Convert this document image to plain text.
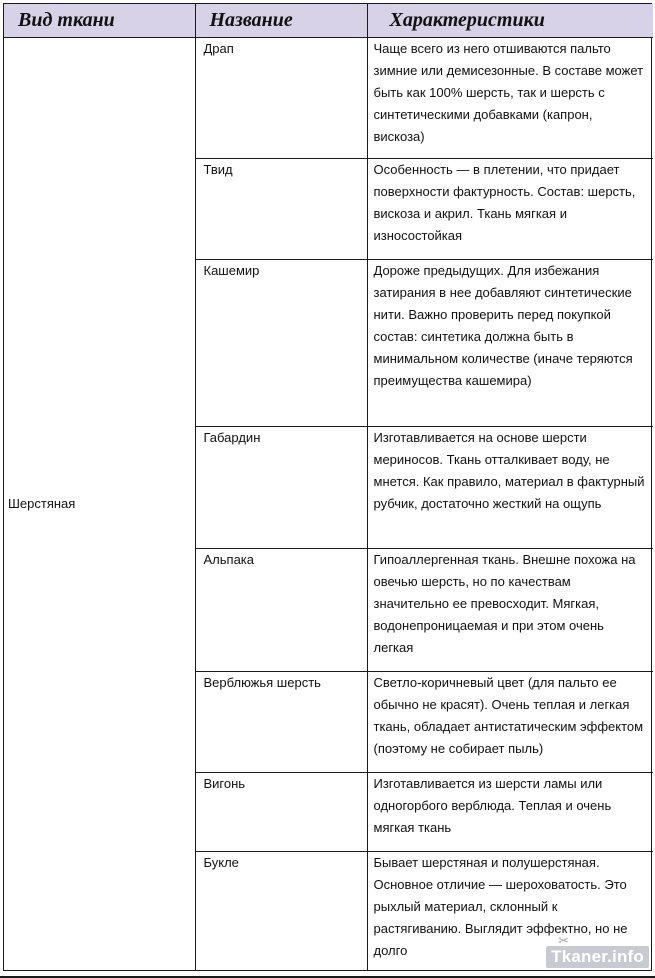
Вид ткани	Название	Характеристики
Шерстяная	Драп	Чаще всего из него отшиваются пальто зимние или демисезонные. В составе может быть как 100% шерсть, так и шерсть с синтетическими добавками (капрон, вискоза)
	Твид	Особенность — в плетении, что придает поверхности фактурность. Состав: шерсть, вискоза и акрил. Ткань мягкая и износостойкая
	Кашемир	Дороже предыдущих. Для избежания затирания в нее добавляют синтетические нити. Важно проверить перед покупкой состав: синтетика должна быть в минимальном количестве (иначе теряются преимущества кашемира)
	Габардин	Изготавливается на основе шерсти мериносов. Ткань отталкивает воду, не мнется. Как правило, материал в фактурный рубчик, достаточно жесткий на ощупь
	Альпака	Гипоаллергенная ткань. Внешне похожа на овечью шерсть, но по качествам значительно ее превосходит. Мягкая, водонепроницаемая и при этом очень легкая
	Верблюжья шерсть	Светло-коричневый цвет (для пальто ее обычно не красят). Очень теплая и легкая ткань, обладает антистатическим эффектом (поэтому не собирает пыль)
	Вигонь	Изготавливается из шерсти ламы или одногорбого верблюда. Теплая и очень мягкая ткань
	Букле	Бывает шерстяная и полушерстяная. Основное отличие — шероховатость. Это рыхлый материал, склонный к растягиванию. Выглядит эффектно, но не долго
✂
Tkaner.info
